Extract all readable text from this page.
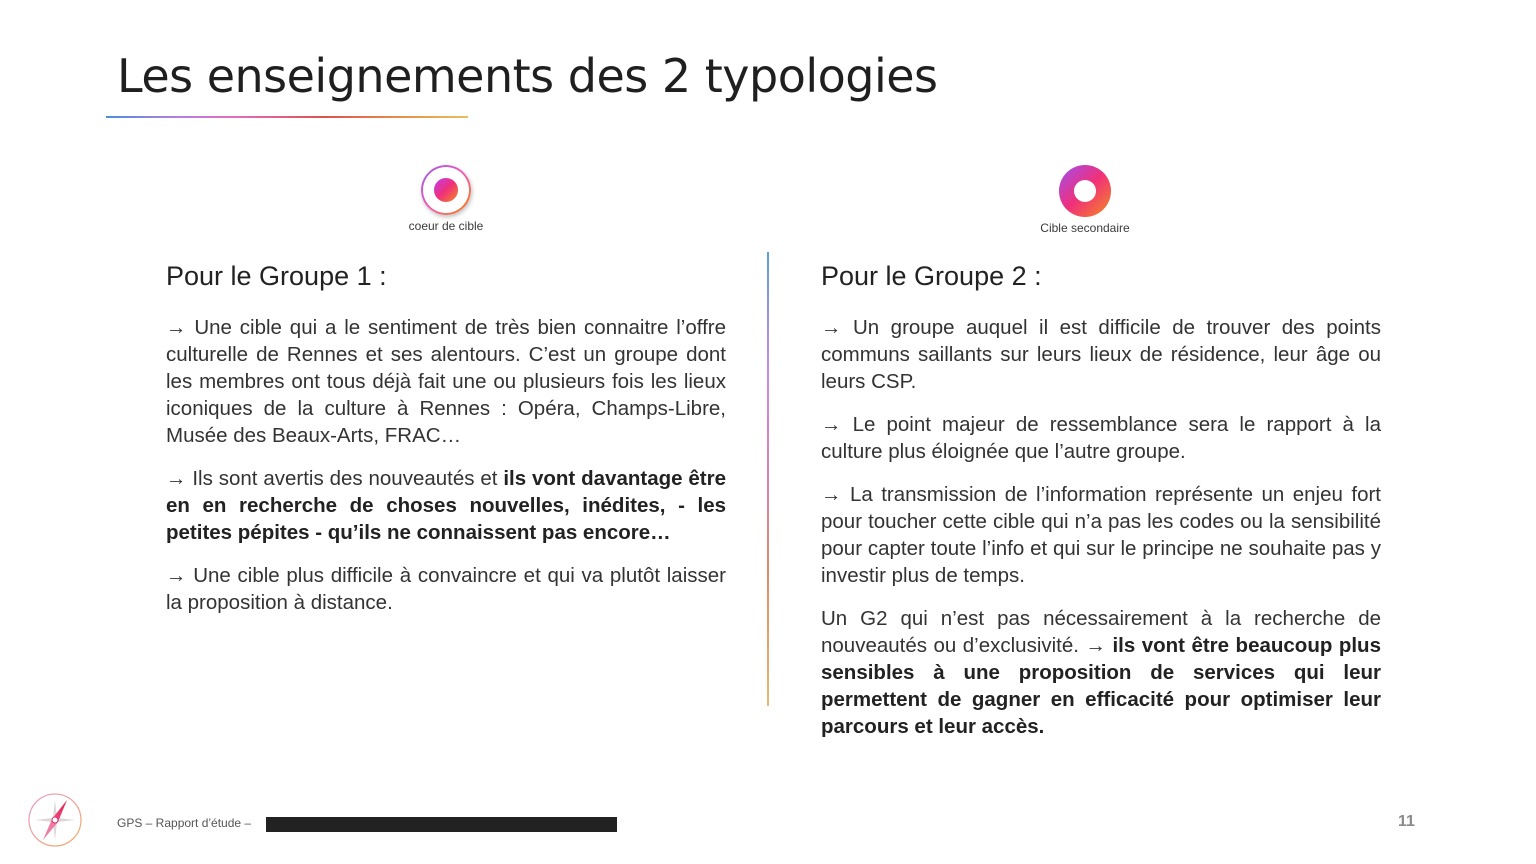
Les enseignements des 2 typologies
coeur de cible	Cible secondaire
Pour le Groupe 1 :

→ Une cible qui a le sentiment de très bien connaitre l’offre culturelle de Rennes et ses alentours. C’est un groupe dont les membres ont tous déjà fait une ou plusieurs fois les lieux iconiques de la culture à Rennes : Opéra, Champs-Libre, Musée des Beaux-Arts, FRAC…

→ Ils sont avertis des nouveautés et ils vont davantage être en en recherche de choses nouvelles, inédites, - les petites pépites - qu’ils ne connaissent pas encore…

→ Une cible plus difficile à convaincre et qui va plutôt laisser la proposition à distance.

Pour le Groupe 2 :

→ Un groupe auquel il est difficile de trouver des points communs saillants sur leurs lieux de résidence, leur âge ou leurs CSP.

→ Le point majeur de ressemblance sera le rapport à la culture plus éloignée que l’autre groupe.

→ La transmission de l’information représente un enjeu fort pour toucher cette cible qui n’a pas les codes ou la sensibilité pour capter toute l’info et qui sur le principe ne souhaite pas y investir plus de temps.

Un G2 qui n’est pas nécessairement à la recherche de nouveautés ou d’exclusivité. → ils vont être beaucoup plus sensibles à une proposition de services qui leur permettent de gagner en efficacité pour optimiser leur parcours et leur accès.

GPS – Rapport d’étude –	11
